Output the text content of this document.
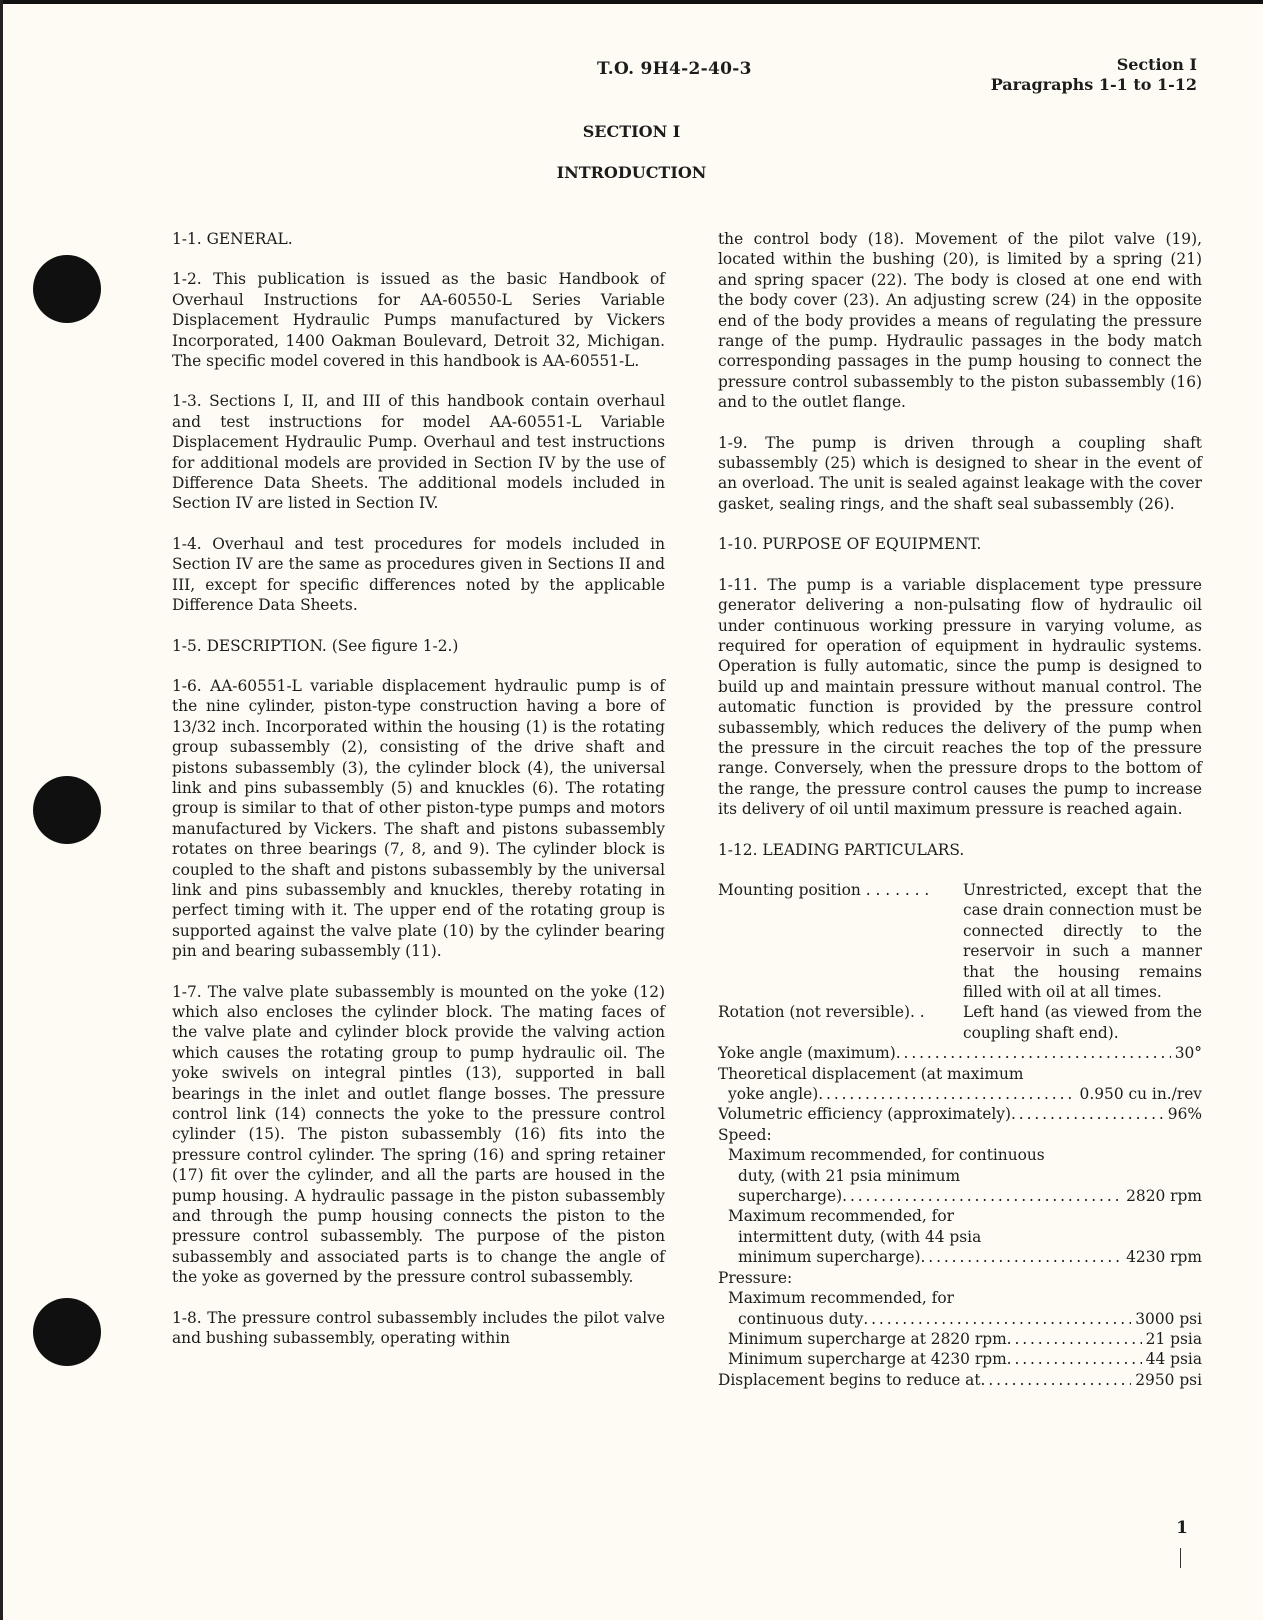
T.O. 9H4-2-40-3	Section I
Paragraphs 1-1 to 1-12
SECTION I
INTRODUCTION
1-1. GENERAL.

1-2. This publication is issued as the basic Handbook of Overhaul Instructions for AA-60550-L Series Variable Displacement Hydraulic Pumps manufactured by Vickers Incorporated, 1400 Oakman Boulevard, Detroit 32, Michigan. The specific model covered in this handbook is AA-60551-L.

1-3. Sections I, II, and III of this handbook contain overhaul and test instructions for model AA-60551-L Variable Displacement Hydraulic Pump. Overhaul and test instructions for additional models are provided in Section IV by the use of Difference Data Sheets. The additional models included in Section IV are listed in Section IV.

1-4. Overhaul and test procedures for models included in Section IV are the same as procedures given in Sections II and III, except for specific differences noted by the applicable Difference Data Sheets.

1-5. DESCRIPTION. (See figure 1-2.)

1-6. AA-60551-L variable displacement hydraulic pump is of the nine cylinder, piston-type construction having a bore of 13/32 inch. Incorporated within the housing (1) is the rotating group subassembly (2), consisting of the drive shaft and pistons subassembly (3), the cylinder block (4), the universal link and pins subassembly (5) and knuckles (6). The rotating group is similar to that of other piston-type pumps and motors manufactured by Vickers. The shaft and pistons subassembly rotates on three bearings (7, 8, and 9). The cylinder block is coupled to the shaft and pistons subassembly by the universal link and pins subassembly and knuckles, thereby rotating in perfect timing with it. The upper end of the rotating group is supported against the valve plate (10) by the cylinder bearing pin and bearing subassembly (11).

1-7. The valve plate subassembly is mounted on the yoke (12) which also encloses the cylinder block. The mating faces of the valve plate and cylinder block provide the valving action which causes the rotating group to pump hydraulic oil. The yoke swivels on integral pintles (13), supported in ball bearings in the inlet and outlet flange bosses. The pressure control link (14) connects the yoke to the pressure control cylinder (15). The piston subassembly (16) fits into the pressure control cylinder. The spring (16) and spring retainer (17) fit over the cylinder, and all the parts are housed in the pump housing. A hydraulic passage in the piston subassembly and through the pump housing connects the piston to the pressure control subassembly. The purpose of the piston subassembly and associated parts is to change the angle of the yoke as governed by the pressure control subassembly.

1-8. The pressure control subassembly includes the pilot valve and bushing subassembly, operating within

the control body (18). Movement of the pilot valve (19), located within the bushing (20), is limited by a spring (21) and spring spacer (22). The body is closed at one end with the body cover (23). An adjusting screw (24) in the opposite end of the body provides a means of regulating the pressure range of the pump. Hydraulic passages in the body match corresponding passages in the pump housing to connect the pressure control subassembly to the piston subassembly (16) and to the outlet flange.

1-9. The pump is driven through a coupling shaft subassembly (25) which is designed to shear in the event of an overload. The unit is sealed against leakage with the cover gasket, sealing rings, and the shaft seal subassembly (26).

1-10. PURPOSE OF EQUIPMENT.

1-11. The pump is a variable displacement type pressure generator delivering a non-pulsating flow of hydraulic oil under continuous working pressure in varying volume, as required for operation of equipment in hydraulic systems. Operation is fully automatic, since the pump is designed to build up and maintain pressure without manual control. The automatic function is provided by the pressure control subassembly, which reduces the delivery of the pump when the pressure in the circuit reaches the top of the pressure range. Conversely, when the pressure drops to the bottom of the range, the pressure control causes the pump to increase its delivery of oil until maximum pressure is reached again.

1-12. LEADING PARTICULARS.
Mounting position . . . . . . .	Unrestricted, except that the case drain connection must be connected directly to the reservoir in such a manner that the housing remains filled with oil at all times.
Rotation (not reversible). .	Left hand (as viewed from the coupling shaft end).
Yoke angle (maximum) . . .	30°
Theoretical displacement (at maximum
yoke angle) . . .	0.950 cu in./rev
Volumetric efficiency (approximately) . . .	96%
Speed:
Maximum recommended, for continuous
duty, (with 21 psia minimum
supercharge) . . .	2820 rpm
Maximum recommended, for
intermittent duty, (with 44 psia
minimum supercharge) . . .	4230 rpm
Pressure:
Maximum recommended, for
continuous duty . . .	3000 psi
Minimum supercharge at 2820 rpm . . .	21 psia
Minimum supercharge at 4230 rpm . . .	44 psia
Displacement begins to reduce at . . .	2950 psi
1
